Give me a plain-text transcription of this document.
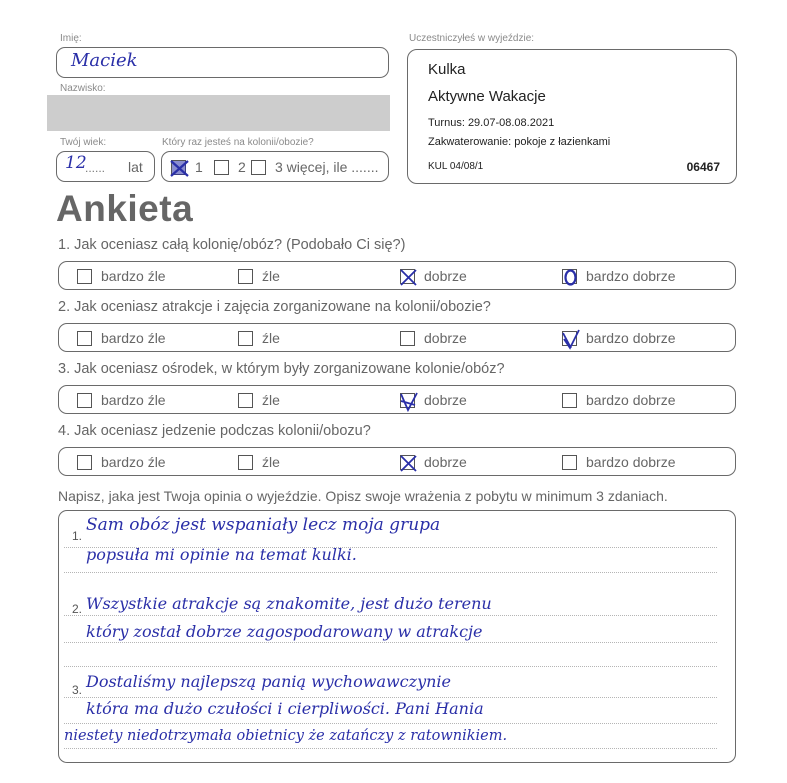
Imię:
Maciek
Nazwisko:
Twój wiek:	Który raz jesteś na kolonii/obozie?
12
...... lat	1	2 3 więcej, ile .......
Uczestniczyłeś w wyjeździe:
Kulka
Aktywne Wakacje
Turnus: 29.07-08.08.2021
Zakwaterowanie: pokoje z łazienkami
KUL 04/08/1	06467
Ankieta
1. Jak oceniasz całą kolonię/obóz? (Podobało Ci się?)
bardzo źle	źle	dobrze	bardzo dobrze
2. Jak oceniasz atrakcje i zajęcia zorganizowane na kolonii/obozie?
bardzo źle	źle	dobrze	bardzo dobrze
3. Jak oceniasz ośrodek, w którym były zorganizowane kolonie/obóz?
bardzo źle	źle	dobrze	bardzo dobrze
4. Jak oceniasz jedzenie podczas kolonii/obozu?
bardzo źle	źle	dobrze	bardzo dobrze
Napisz, jaka jest Twoja opinia o wyjeździe. Opisz swoje wrażenia z pobytu w minimum 3 zdaniach.
1.
Sam obóz jest wspaniały lecz moja grupa
popsuła mi opinie na temat kulki.
2. Wszystkie atrakcje są znakomite, jest dużo terenu
który został dobrze zagospodarowany w atrakcje
3. Dostaliśmy najlepszą panią wychowawczynie
która ma dużo czułości i cierpliwości. Pani Hania
niestety niedotrzymała obietnicy że zatańczy z ratownikiem.
